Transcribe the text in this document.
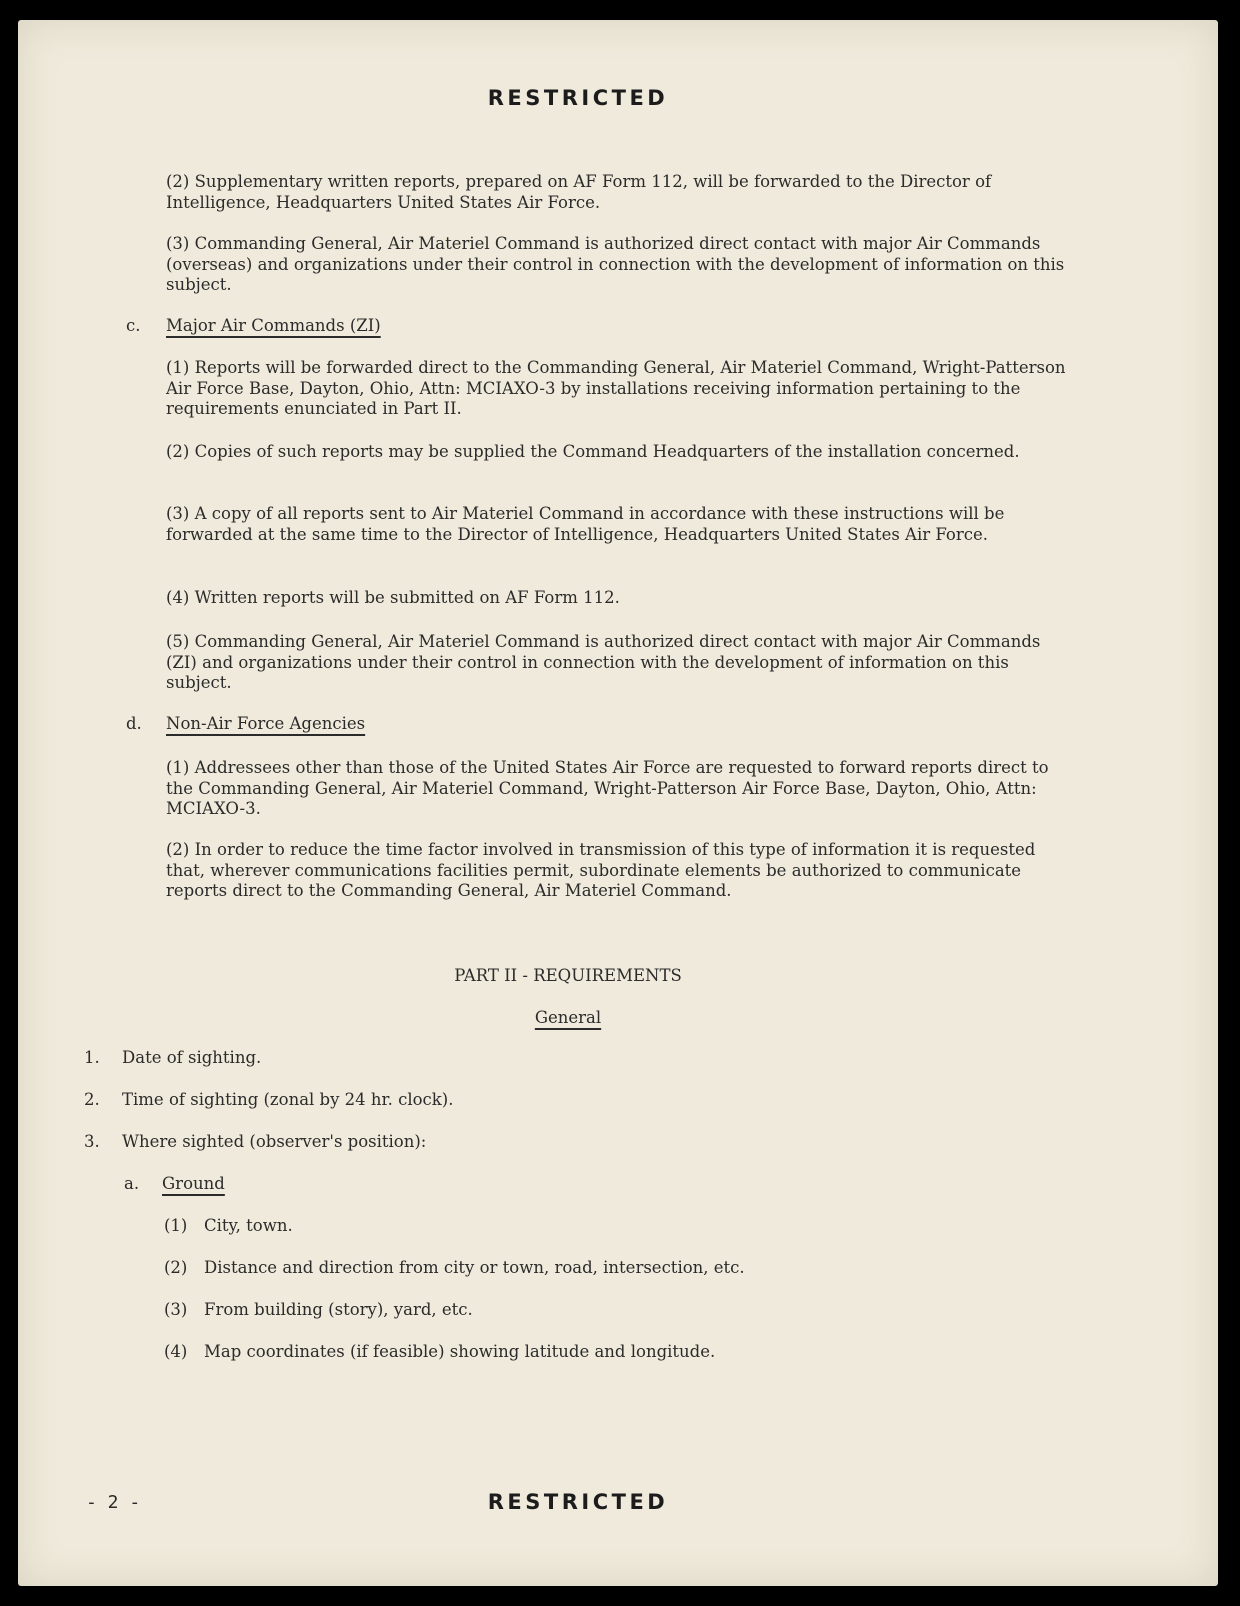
RESTRICTED

(2) Supplementary written reports, prepared on AF Form 112, will be forwarded to the Director of Intelligence, Headquarters United States Air Force.

(3) Commanding General, Air Materiel Command is authorized direct contact with major Air Commands (overseas) and organizations under their control in connection with the development of information on this subject.

c. Major Air Commands (ZI)

(1) Reports will be forwarded direct to the Commanding General, Air Materiel Command, Wright-Patterson Air Force Base, Dayton, Ohio, Attn: MCIAXO-3 by installations receiving information pertaining to the requirements enunciated in Part II.

(2) Copies of such reports may be supplied the Command Headquarters of the installation concerned.

(3) A copy of all reports sent to Air Materiel Command in accordance with these instructions will be forwarded at the same time to the Director of Intelligence, Headquarters United States Air Force.

(4) Written reports will be submitted on AF Form 112.

(5) Commanding General, Air Materiel Command is authorized direct contact with major Air Commands (ZI) and organizations under their control in connection with the development of information on this subject.

d. Non-Air Force Agencies

(1) Addressees other than those of the United States Air Force are requested to forward reports direct to the Commanding General, Air Materiel Command, Wright-Patterson Air Force Base, Dayton, Ohio, Attn: MCIAXO-3.

(2) In order to reduce the time factor involved in transmission of this type of information it is requested that, wherever communications facilities permit, subordinate elements be authorized to communicate reports direct to the Commanding General, Air Materiel Command.

PART II - REQUIREMENTS
General
1. Date of sighting.
2. Time of sighting (zonal by 24 hr. clock).
3. Where sighted (observer's position):
a. Ground
(1) City, town.
(2) Distance and direction from city or town, road, intersection, etc.
(3) From building (story), yard, etc.
(4) Map coordinates (if feasible) showing latitude and longitude.
- 2 -	RESTRICTED
